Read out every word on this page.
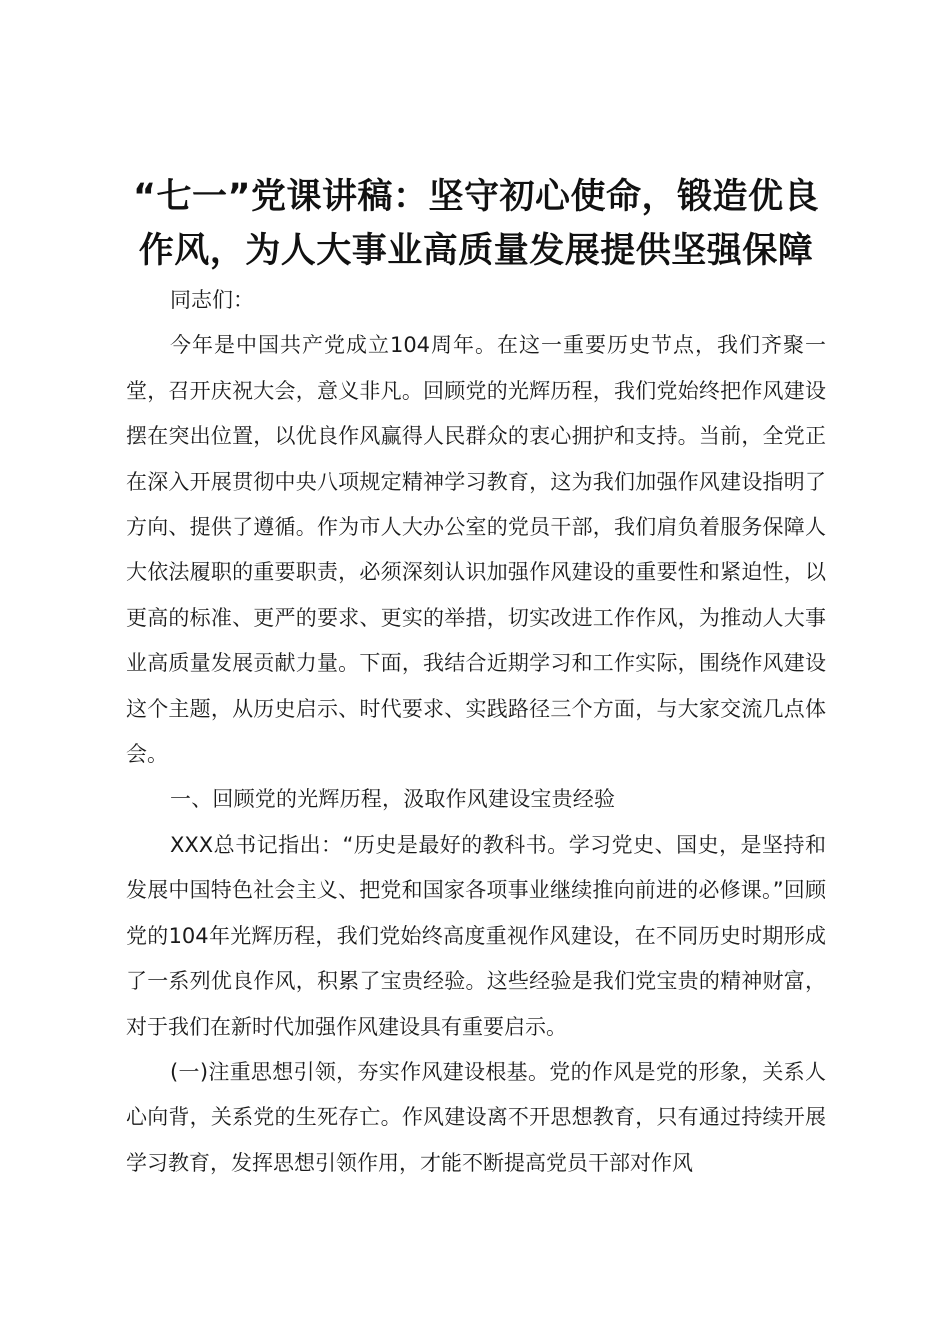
“七一”党课讲稿：坚守初心使命，锻造优良
作风，为人大事业高质量发展提供坚强保障

同志们：

今年是中国共产党成立104周年。在这一重要历史节点，我们齐聚一堂，召开庆祝大会，意义非凡。回顾党的光辉历程，我们党始终把作风建设摆在突出位置，以优良作风赢得人民群众的衷心拥护和支持。当前，全党正在深入开展贯彻中央八项规定精神学习教育，这为我们加强作风建设指明了方向、提供了遵循。作为市人大办公室的党员干部，我们肩负着服务保障人大依法履职的重要职责，必须深刻认识加强作风建设的重要性和紧迫性，以更高的标准、更严的要求、更实的举措，切实改进工作作风，为推动人大事业高质量发展贡献力量。下面，我结合近期学习和工作实际，围绕作风建设这个主题，从历史启示、时代要求、实践路径三个方面，与大家交流几点体会。

一、回顾党的光辉历程，汲取作风建设宝贵经验

XXX总书记指出：“历史是最好的教科书。学习党史、国史，是坚持和发展中国特色社会主义、把党和国家各项事业继续推向前进的必修课。”回顾党的104年光辉历程，我们党始终高度重视作风建设，在不同历史时期形成了一系列优良作风，积累了宝贵经验。这些经验是我们党宝贵的精神财富，对于我们在新时代加强作风建设具有重要启示。

(一)注重思想引领，夯实作风建设根基。党的作风是党的形象，关系人心向背，关系党的生死存亡。作风建设离不开思想教育，只有通过持续开展学习教育，发挥思想引领作用，才能不断提高党员干部对作风
